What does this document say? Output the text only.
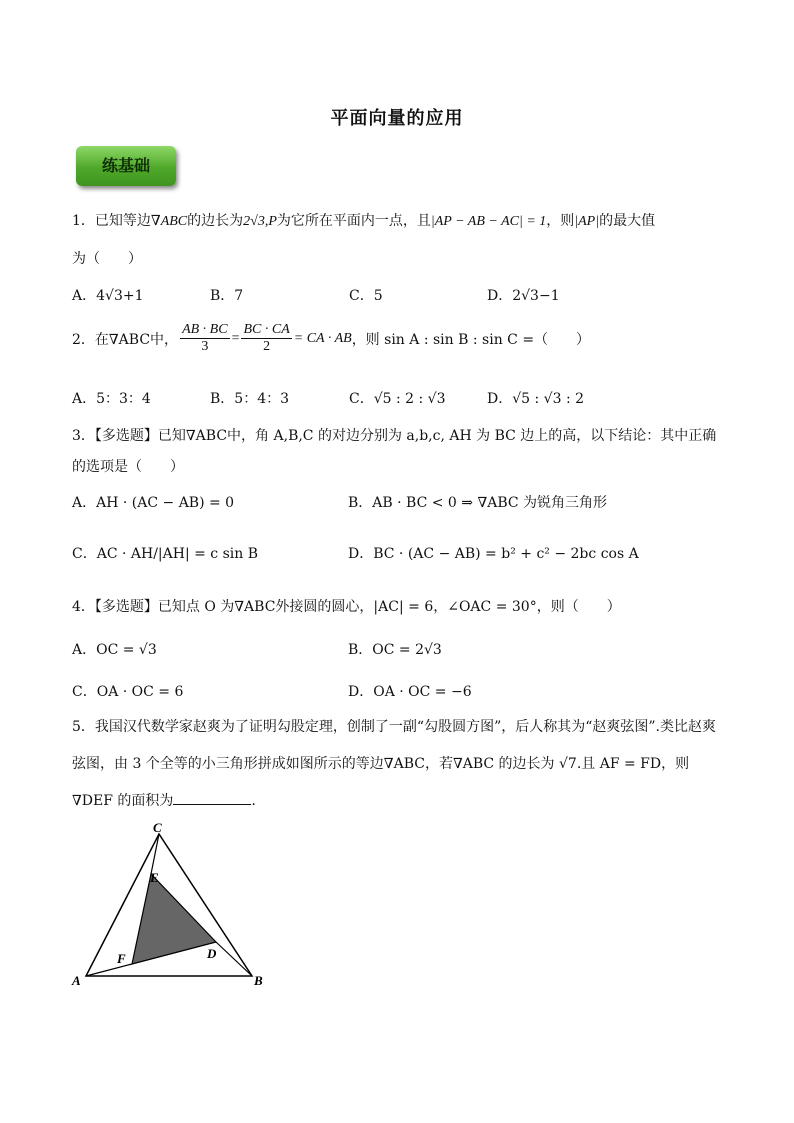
平面向量的应用
练基础
1．已知等边∇ABC的边长为2√3,P为它所在平面内一点，且|AP − AB − AC| = 1，则|AP|的最大值
为（　　）
A．4√3+1	B．7	C．5	D．2√3−1
2．在∇ABC中， $\frac{AB \cdot BC}{3} = \frac{BC \cdot CA}{2}$ = CA · AB ，则 sin A : sin B : sin C =（　　）
A．5：3：4	B．5：4：3	C．√5 : 2 : √3	D．√5 : √3 : 2
3．【多选题】已知∇ABC中，角 A,B,C 的对边分别为 a,b,c, AH 为 BC 边上的高，以下结论：其中正确
的选项是（　　）
A．AH · (AC − AB) = 0	B．AB · BC < 0 ⇒ ∇ABC 为锐角三角形
C．AC · AH/|AH| = c sin B	D．BC · (AC − AB) = b² + c² − 2bc cos A
4．【多选题】已知点 O 为∇ABC外接圆的圆心，|AC| = 6，∠OAC = 30°，则（　　）
A．OC = √3	B．OC = 2√3
C．OA · OC = 6	D．OA · OC = −6
5．我国汉代数学家赵爽为了证明勾股定理，创制了一副“勾股圆方图”，后人称其为“赵爽弦图”.类比赵爽
弦图，由 3 个全等的小三角形拼成如图所示的等边∇ABC，若∇ABC 的边长为 √7.且 AF = FD，则
∇DEF 的面积为	.
A	B
C
D
E
F
